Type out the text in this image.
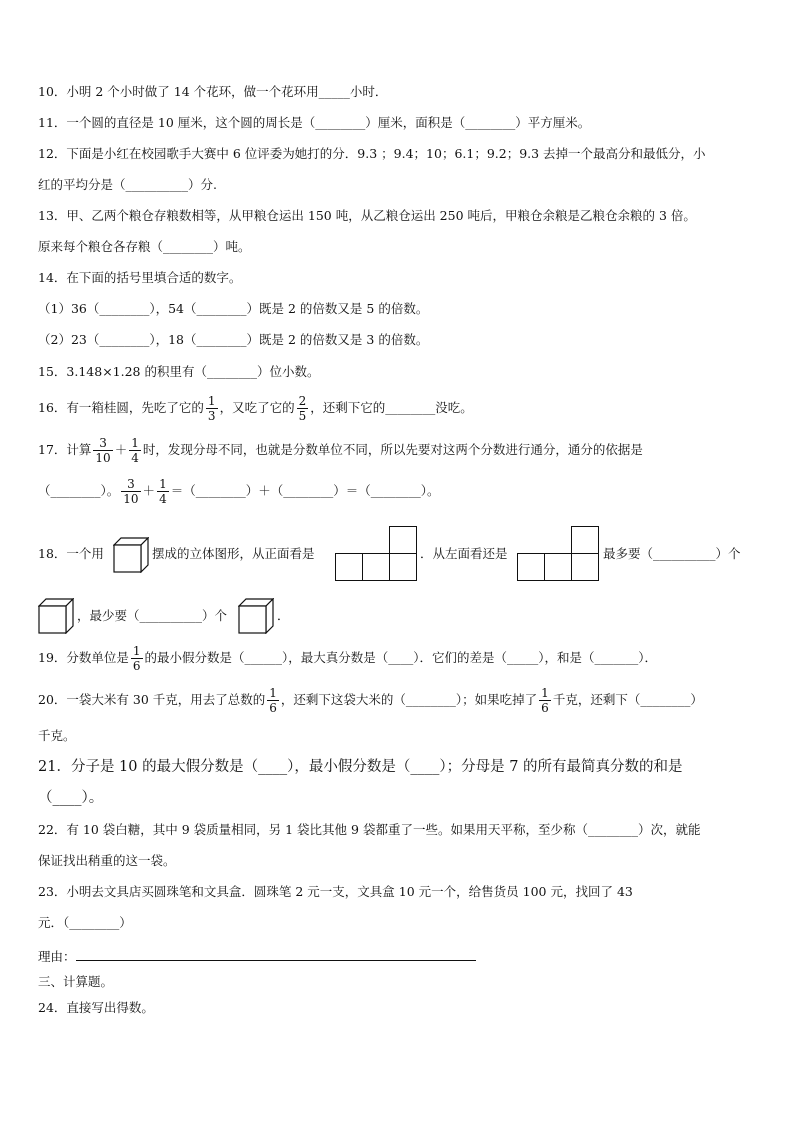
10．小明 2 个小时做了 14 个花环，做一个花环用_____小时．
11．一个圆的直径是 10 厘米，这个圆的周长是（________）厘米，面积是（________）平方厘米。
12．下面是小红在校园歌手大赛中 6 位评委为她打的分．9.3 ；9.4；10；6.1；9.2；9.3 去掉一个最高分和最低分，小
红的平均分是（__________）分.
13．甲、乙两个粮仓存粮数相等，从甲粮仓运出 150 吨，从乙粮仓运出 250 吨后，甲粮仓余粮是乙粮仓余粮的 3 倍。
原来每个粮仓各存粮（________）吨。
14．在下面的括号里填合适的数字。
（1）36（________），54（________）既是 2 的倍数又是 5 的倍数。
（2）23（________），18（________）既是 2 的倍数又是 3 的倍数。
15．3.148×1.28 的积里有（________）位小数。
16．有一箱桂圆，先吃了它的 $\frac{1}{3}$ ，又吃了它的 $\frac{2}{5}$ ，还剩下它的________没吃。
17．计算 $\frac{3}{10} + \frac{1}{4}$ 时，发现分母不同，也就是分数单位不同，所以先要对这两个分数进行通分，通分的依据是
（________）。 $\frac{3}{10} + \frac{1}{4}$ ＝（________）＋（________）＝（________）。
18．一个用	摆成的立体图形，从正面看是	．从左面看还是	最多要（__________）个
，最少要（__________）个	．
19．分数单位是 $\frac{1}{6}$ 的最小假分数是（______），最大真分数是（____）．它们的差是（_____），和是（_______）．
20．一袋大米有 30 千克，用去了总数的 $\frac{1}{6}$ ，还剩下这袋大米的（________）；如果吃掉了 $\frac{1}{6}$ 千克，还剩下（________）
千克。
21．分子是 10 的最大假分数是（____），最小假分数是（____）；分母是 7 的所有最简真分数的和是
（____）。
22．有 10 袋白糖，其中 9 袋质量相同，另 1 袋比其他 9 袋都重了一些。如果用天平称，至少称（________）次，就能
保证找出稍重的这一袋。
23．小明去文具店买圆珠笔和文具盒．圆珠笔 2 元一支，文具盒 10 元一个，给售货员 100 元，找回了 43
元．（________）
理由：
三、计算题。
24．直接写出得数。
